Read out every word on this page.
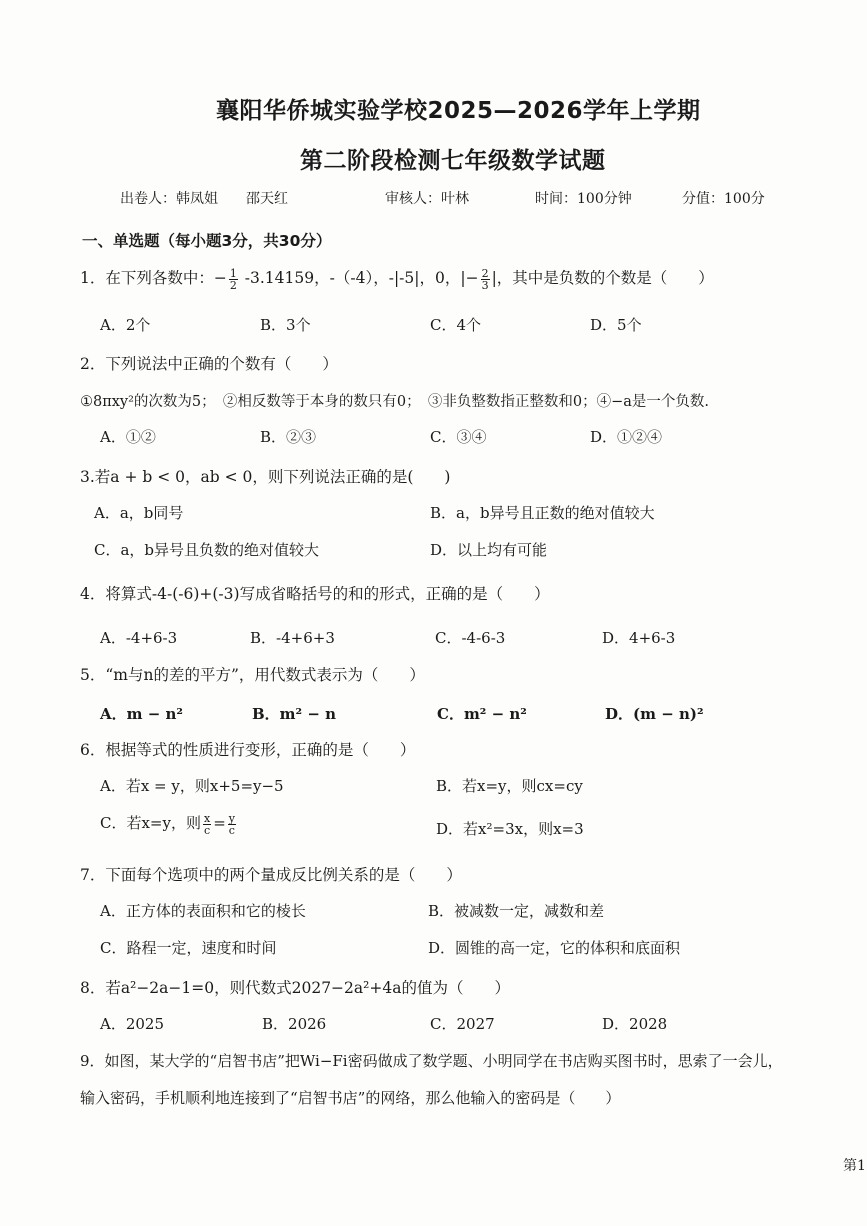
襄阳华侨城实验学校2025—2026学年上学期
第二阶段检测七年级数学试题
出卷人：韩凤姐　　邵天红	审核人：叶林	时间：100分钟	分值：100分
一、单选题（每小题3分，共30分）
1．在下列各数中：− $\frac{1}{2} -3.14159$，-（-4），-|-5|，0，|− $\frac{2}{3}$ |，其中是负数的个数是（　　）
A．2个	B．3个	C．4个	D．5个
2．下列说法中正确的个数有（　　）
①8πxy²的次数为5；　②相反数等于本身的数只有0；　③非负整数指正整数和0；④−a是一个负数.
A．①②	B．②③	C．③④	D．①②④
3.若a + b < 0，ab < 0，则下列说法正确的是(　　)
A．a，b同号	B．a，b异号且正数的绝对值较大
C．a，b异号且负数的绝对值较大	D．以上均有可能
4．将算式-4-(-6)+(-3)写成省略括号的和的形式，正确的是（　　）
A．-4+6-3	B．-4+6+3	C．-4-6-3	D．4+6-3
5．“m与n的差的平方”，用代数式表示为（　　）
A．m − n²	B．m² − n	C．m² − n²	D．(m − n)²
6．根据等式的性质进行变形，正确的是（　　）
A．若x = y，则x+5=y−5	B．若x=y，则cx=cy
C．若x=y，则 $\frac{x}{c} = \frac{y}{c}$	D．若x²=3x，则x=3
7．下面每个选项中的两个量成反比例关系的是（　　）
A．正方体的表面积和它的棱长	B．被减数一定，减数和差
C．路程一定，速度和时间	D．圆锥的高一定，它的体积和底面积
8．若a²−2a−1=0，则代数式2027−2a²+4a的值为（　　）
A．2025	B．2026	C．2027	D．2028
9．如图，某大学的“启智书店”把Wi−Fi密码做成了数学题、小明同学在书店购买图书时，思索了一会儿，
输入密码，手机顺利地连接到了“启智书店”的网络，那么他输入的密码是（　　）
第1
